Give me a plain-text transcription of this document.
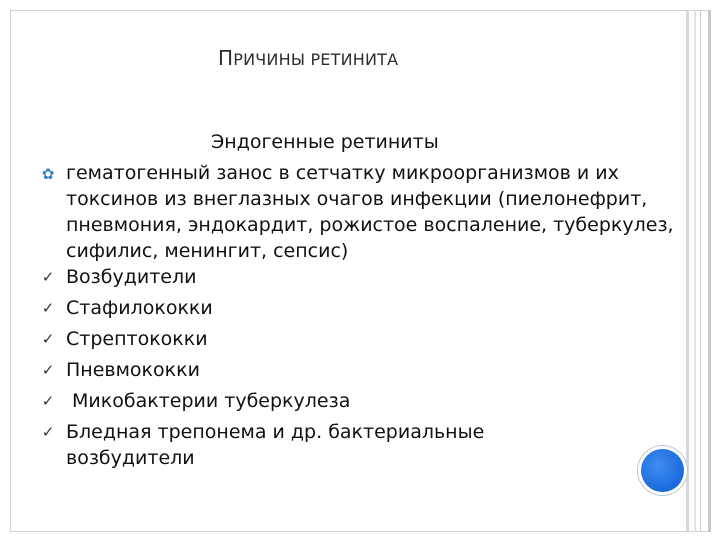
ПРИЧИНЫ РЕТИНИТА
Эндогенные ретиниты
✿ гематогенный занос в сетчатку микроорганизмов и их токсинов из внеглазных очагов инфекции (пиелонефрит, пневмония, эндокардит, рожистое воспаление, туберкулез, сифилис, менингит, сепсис)
✓ Возбудители
✓ Стафилококки
✓ Стрептококки
✓ Пневмококки
✓ Микобактерии туберкулеза
✓ Бледная трепонема и др. бактериальные возбудители
